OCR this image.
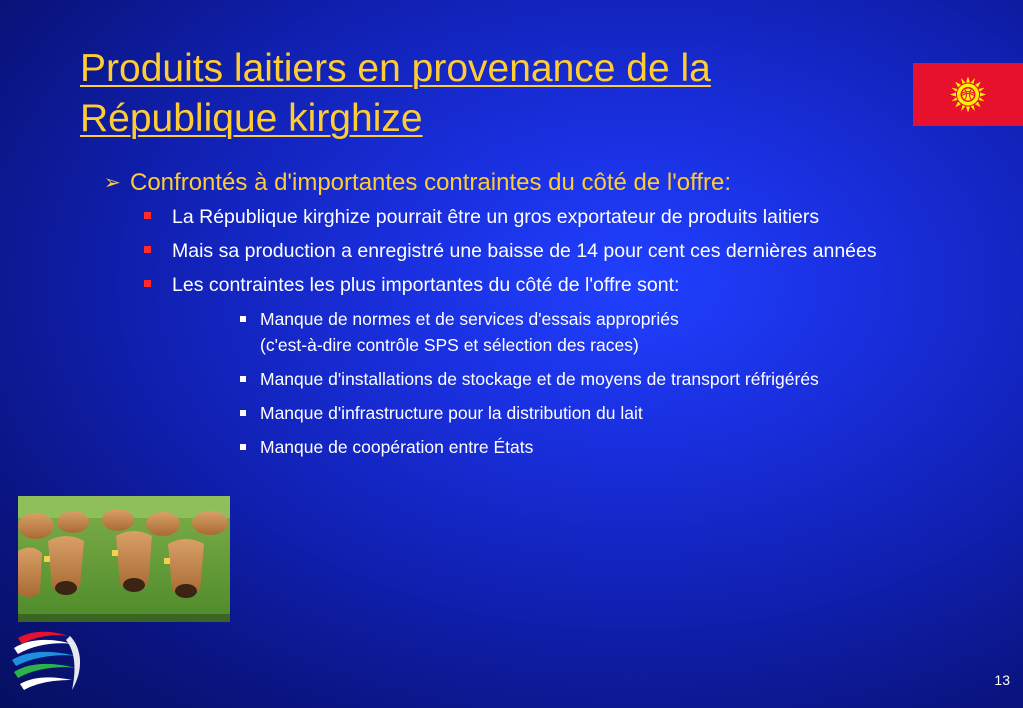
Produits laitiers en provenance de la
République kirghize
➢ Confrontés à d'importantes contraintes du côté de l'offre:
La République kirghize pourrait être un gros exportateur de produits laitiers
Mais sa production a enregistré une baisse de 14 pour cent ces dernières années
Les contraintes les plus importantes du côté de l'offre sont:
Manque de normes et de services d'essais appropriés
(c'est-à-dire contrôle SPS et sélection des races)
Manque d'installations de stockage et de moyens de transport réfrigérés
Manque d'infrastructure pour la distribution du lait
Manque de coopération entre États
13
